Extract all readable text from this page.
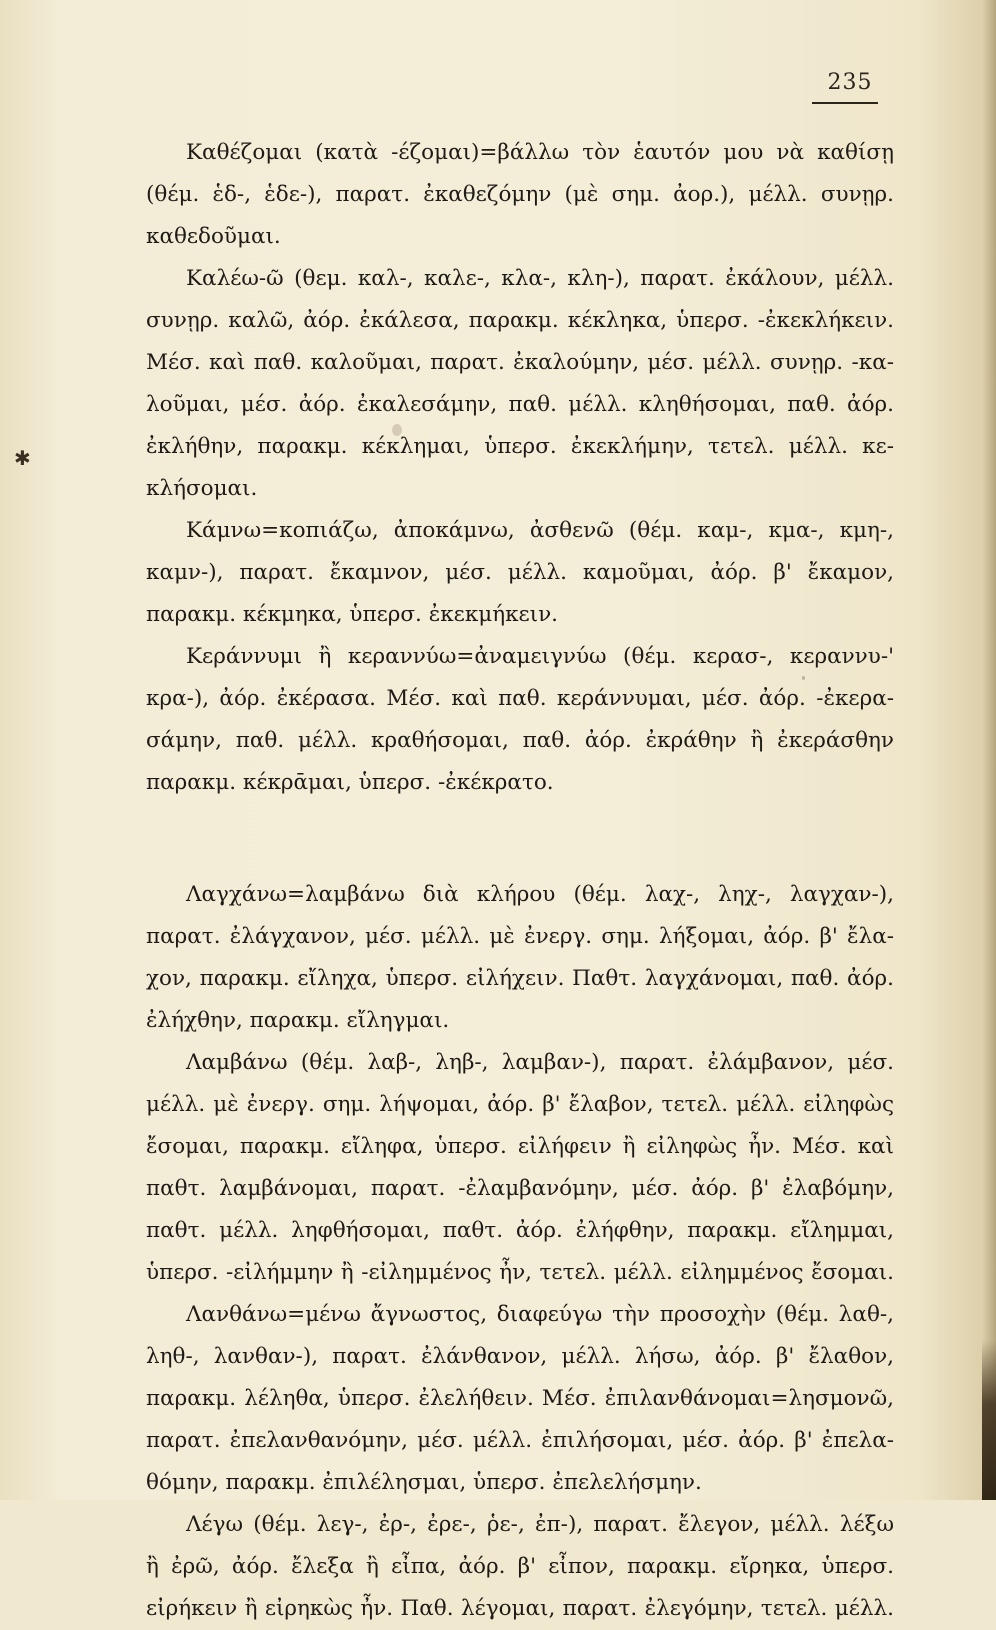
235
✱
Καθέζομαι (κατὰ -έζομαι)=βάλλω τὸν ἑαυτόν μου νὰ καθίσῃ
(θέμ. ἑδ-, ἑδε-), παρατ. ἐκαθεζόμην (μὲ σημ. ἀορ.), μέλλ. συνῃρ.
καθεδοῦμαι.
Καλέω-ῶ (θεμ. καλ-, καλε-, κλα-, κλη-), παρατ. ἐκάλουν, μέλλ.
συνῃρ. καλῶ, ἀόρ. ἐκάλεσα, παρακμ. κέκληκα, ὑπερσ. -ἐκεκλήκειν.
Μέσ. καὶ παθ. καλοῦμαι, παρατ. ἐκαλούμην, μέσ. μέλλ. συνῃρ. -κα-
λοῦμαι, μέσ. ἀόρ. ἐκαλεσάμην, παθ. μέλλ. κληθήσομαι, παθ. ἀόρ.
ἐκλήθην, παρακμ. κέκλημαι, ὑπερσ. ἐκεκλήμην, τετελ. μέλλ. κε-
κλήσομαι.
Κάμνω=κοπιάζω, ἀποκάμνω, ἀσθενῶ (θέμ. καμ-, κμα-, κμη-,
καμν-), παρατ. ἔκαμνον, μέσ. μέλλ. καμοῦμαι, ἀόρ. β' ἔκαμον,
παρακμ. κέκμηκα, ὑπερσ. ἐκεκμήκειν.
Κεράννυμι ἢ κεραννύω=ἀναμειγνύω (θέμ. κερασ-, κεραννυ-'
κρα-), ἀόρ. ἐκέρασα. Μέσ. καὶ παθ. κεράννυμαι, μέσ. ἀόρ. -ἐκερα-
σάμην, παθ. μέλλ. κραθήσομαι, παθ. ἀόρ. ἐκράθην ἢ ἐκεράσθην
παρακμ. κέκρᾱμαι, ὑπερσ. -ἐκέκρατο.
Λαγχάνω=λαμβάνω διὰ κλήρου (θέμ. λαχ-, ληχ-, λαγχαν-),
παρατ. ἐλάγχανον, μέσ. μέλλ. μὲ ἐνεργ. σημ. λήξομαι, ἀόρ. β' ἔλα-
χον, παρακμ. εἴληχα, ὑπερσ. εἰλήχειν. Παθτ. λαγχάνομαι, παθ. ἀόρ.
ἐλήχθην, παρακμ. εἴληγμαι.
Λαμβάνω (θέμ. λαβ-, ληβ-, λαμβαν-), παρατ. ἐλάμβανον, μέσ.
μέλλ. μὲ ἐνεργ. σημ. λήψομαι, ἀόρ. β' ἔλαβον, τετελ. μέλλ. εἰληφὼς
ἔσομαι, παρακμ. εἴληφα, ὑπερσ. εἰλήφειν ἢ εἰληφὼς ἦν. Μέσ. καὶ
παθτ. λαμβάνομαι, παρατ. -ἐλαμβανόμην, μέσ. ἀόρ. β' ἐλαβόμην,
παθτ. μέλλ. ληφθήσομαι, παθτ. ἀόρ. ἐλήφθην, παρακμ. εἴλημμαι,
ὑπερσ. -εἰλήμμην ἢ -εἰλημμένος ἦν, τετελ. μέλλ. εἰλημμένος ἔσομαι.
Λανθάνω=μένω ἄγνωστος, διαφεύγω τὴν προσοχὴν (θέμ. λαθ-,
ληθ-, λανθαν-), παρατ. ἐλάνθανον, μέλλ. λήσω, ἀόρ. β' ἔλαθον,
παρακμ. λέληθα, ὑπερσ. ἐλελήθειν. Μέσ. ἐπιλανθάνομαι=λησμονῶ,
παρατ. ἐπελανθανόμην, μέσ. μέλλ. ἐπιλήσομαι, μέσ. ἀόρ. β' ἐπελα-
θόμην, παρακμ. ἐπιλέλησμαι, ὑπερσ. ἐπελελήσμην.
Λέγω (θέμ. λεγ-, ἐρ-, ἐρε-, ῥε-, ἐπ-), παρατ. ἔλεγον, μέλλ. λέξω
ἢ ἐρῶ, ἀόρ. ἔλεξα ἢ εἶπα, ἀόρ. β' εἶπον, παρακμ. εἴρηκα, ὑπερσ.
εἰρήκειν ἢ εἰρηκὼς ἦν. Παθ. λέγομαι, παρατ. ἐλεγόμην, τετελ. μέλλ.
